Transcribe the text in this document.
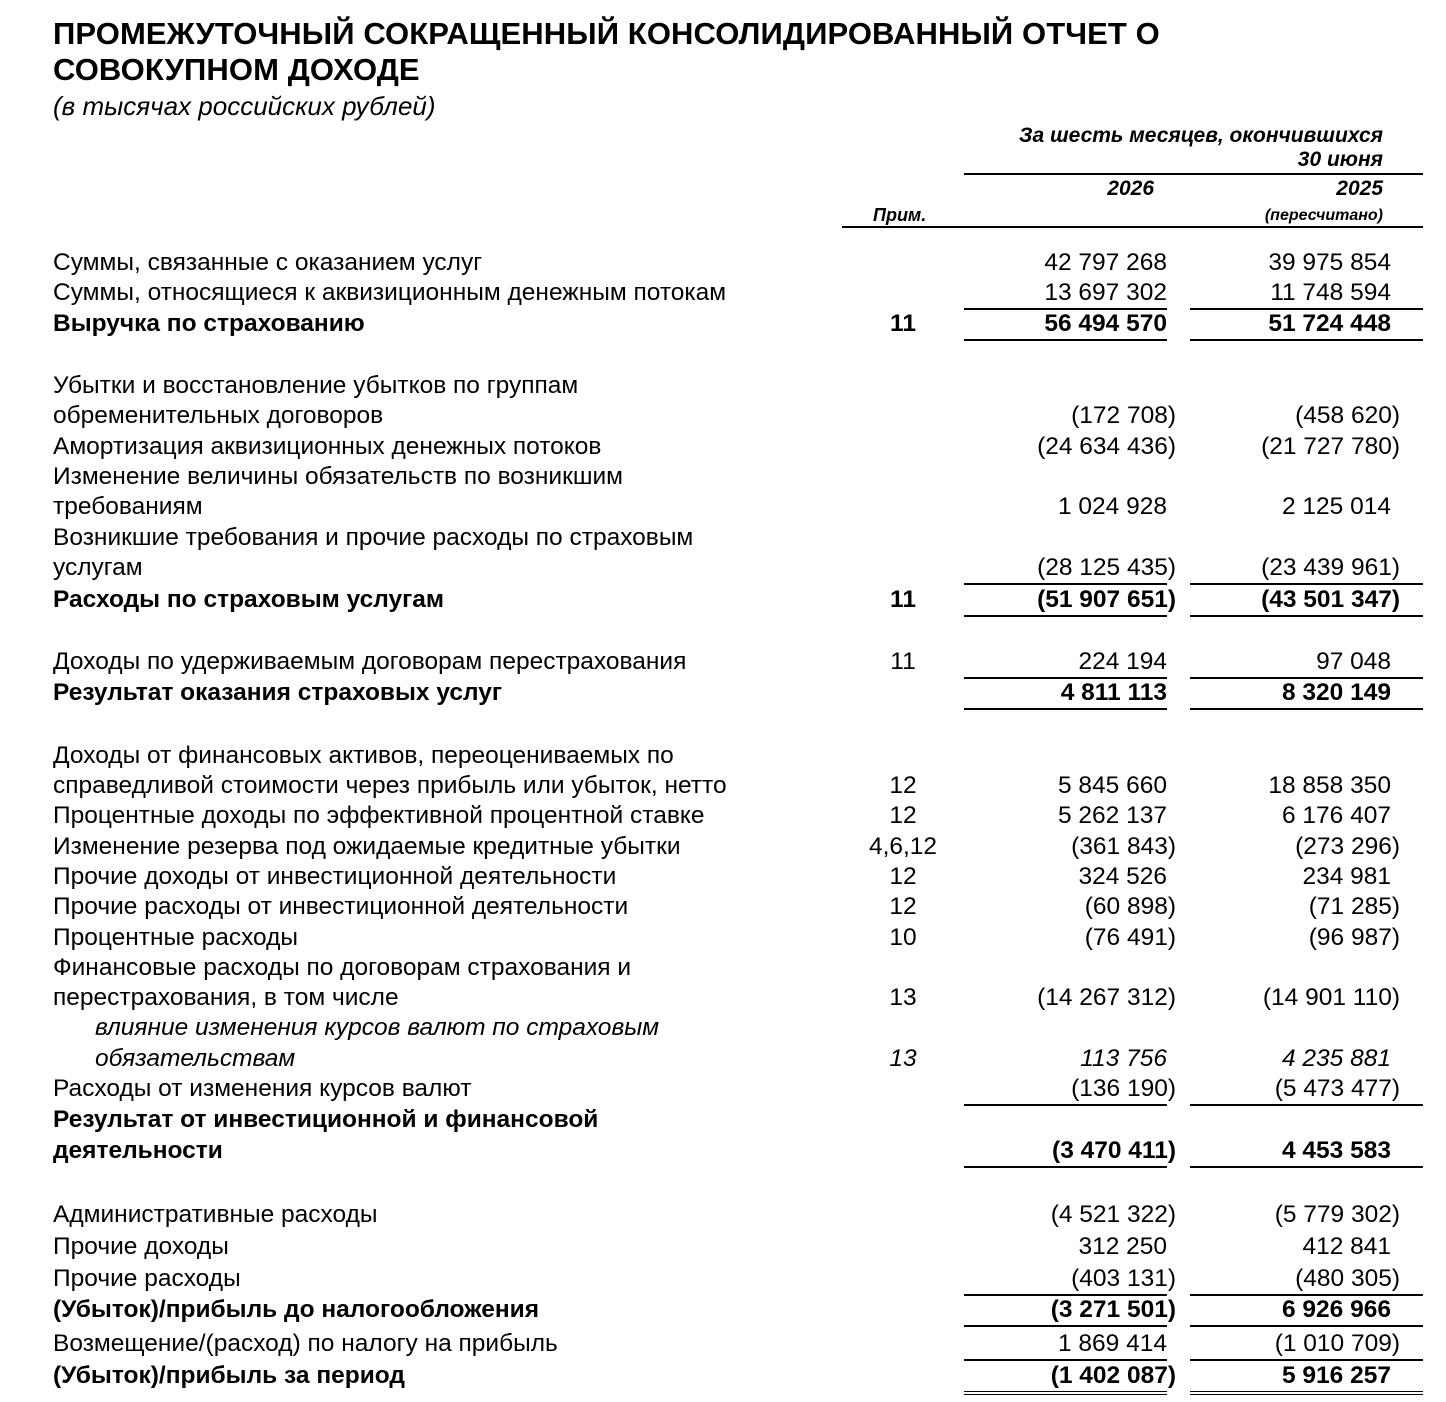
ПРОМЕЖУТОЧНЫЙ СОКРАЩЕННЫЙ КОНСОЛИДИРОВАННЫЙ ОТЧЕТ О СОВОКУПНОМ ДОХОДЕ
(в тысячах российских рублей)
За шесть месяцев, окончившихся
30 июня
2026	2025
Прим.	(пересчитано)
Суммы, связанные с оказанием услуг	42 797 268	39 975 854
Суммы, относящиеся к аквизиционным денежным потокам	13 697 302	11 748 594
Выручка по страхованию	11	56 494 570	51 724 448
Убытки и восстановление убытков по группам
обременительных договоров	(172 708)	(458 620)
Амортизация аквизиционных денежных потоков	(24 634 436)	(21 727 780)
Изменение величины обязательств по возникшим
требованиям	1 024 928	2 125 014
Возникшие требования и прочие расходы по страховым
услугам	(28 125 435)	(23 439 961)
Расходы по страховым услугам	11	(51 907 651)	(43 501 347)
Доходы по удерживаемым договорам перестрахования	11	224 194	97 048
Результат оказания страховых услуг	4 811 113	8 320 149
Доходы от финансовых активов, переоцениваемых по
справедливой стоимости через прибыль или убыток, нетто	12	5 845 660	18 858 350
Процентные доходы по эффективной процентной ставке	12	5 262 137	6 176 407
Изменение резерва под ожидаемые кредитные убытки	4,6,12	(361 843)	(273 296)
Прочие доходы от инвестиционной деятельности	12	324 526	234 981
Прочие расходы от инвестиционной деятельности	12	(60 898)	(71 285)
Процентные расходы	10	(76 491)	(96 987)
Финансовые расходы по договорам страхования и
перестрахования, в том числе	13	(14 267 312)	(14 901 110)
влияние изменения курсов валют по страховым
обязательствам	13	113 756	4 235 881
Расходы от изменения курсов валют	(136 190)	(5 473 477)
Результат от инвестиционной и финансовой
деятельности	(3 470 411)	4 453 583
Административные расходы	(4 521 322)	(5 779 302)
Прочие доходы	312 250	412 841
Прочие расходы	(403 131)	(480 305)
(Убыток)/прибыль до налогообложения	(3 271 501)	6 926 966
Возмещение/(расход) по налогу на прибыль	1 869 414	(1 010 709)
(Убыток)/прибыль за период	(1 402 087)	5 916 257
